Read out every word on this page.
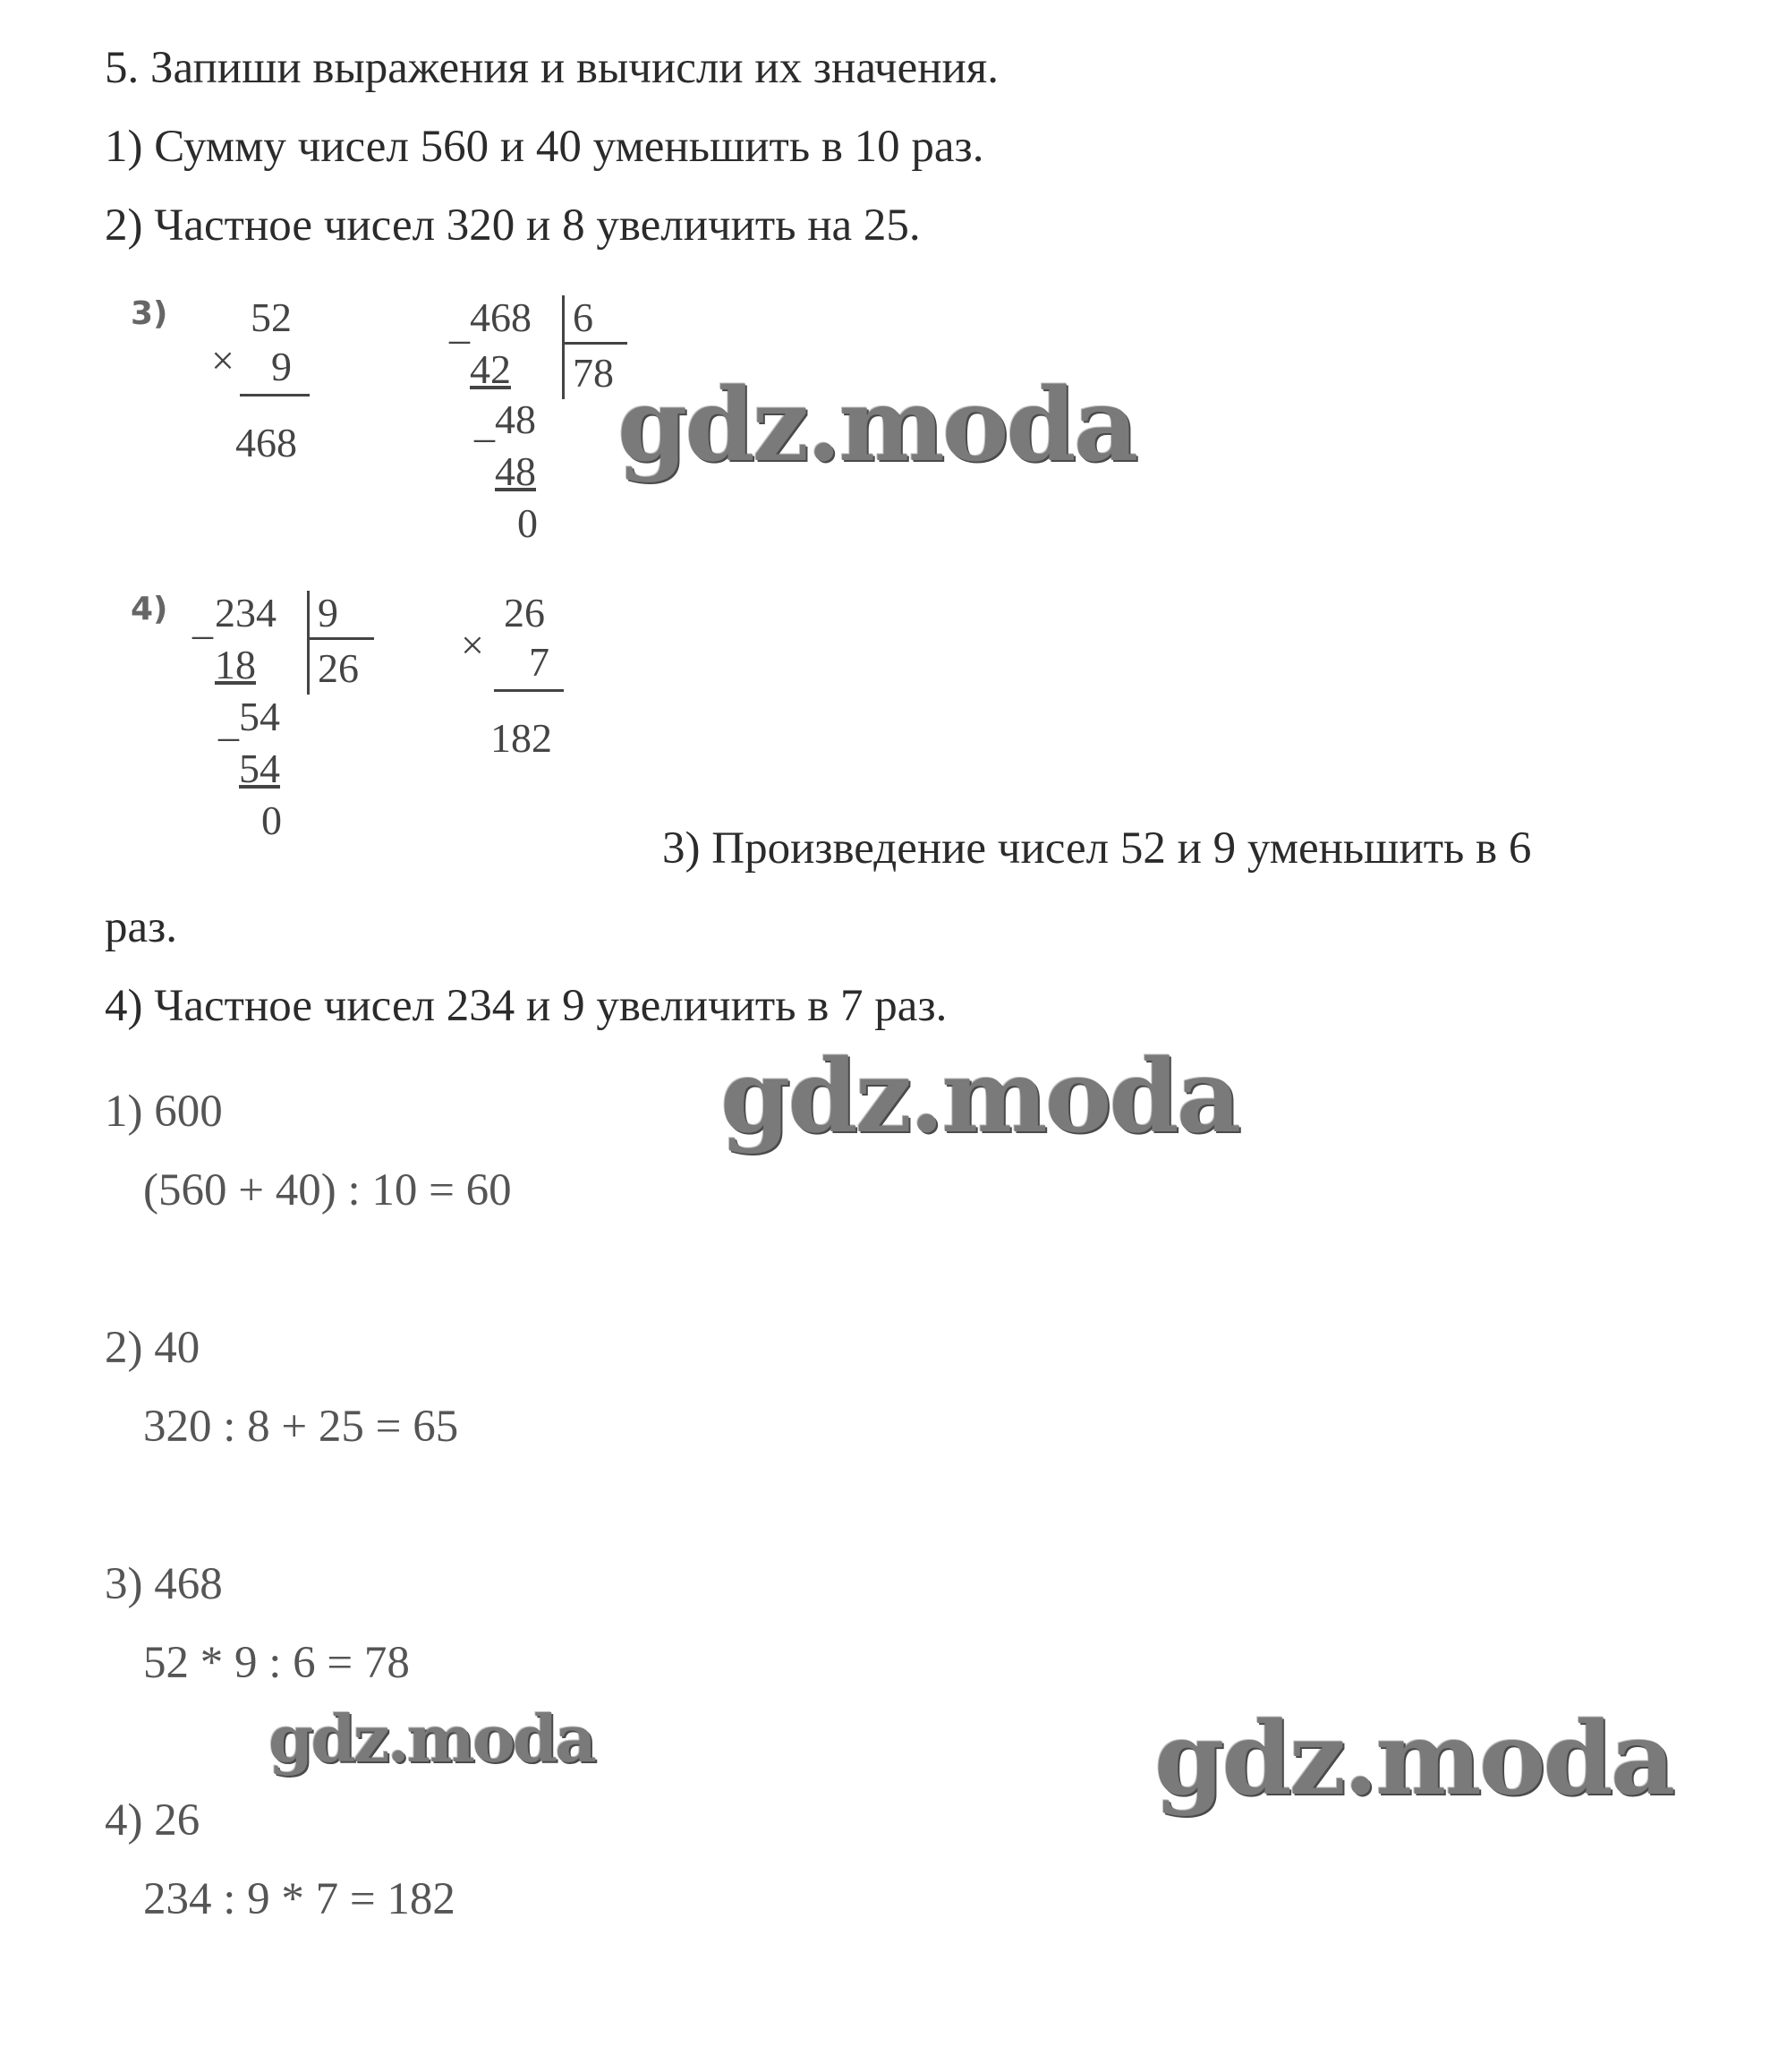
5. Запиши выражения и вычисли их значения.
1) Сумму чисел 560 и 40 уменьшить в 10 раз.
2) Частное чисел 320 и 8 увеличить на 25.
3)
×
52
9
468
_ 468 6
42 78
_ 48
48
0
4) _ 234 9
18 26
_ 54
54
0
×
26
7
182
3) Произведение чисел 52 и 9 уменьшить в 6
раз.
4) Частное чисел 234 и 9 увеличить в 7 раз.
1) 600
(560 + 40) : 10 = 60
2) 40
320 : 8 + 25 = 65
3) 468
52 * 9 : 6 = 78
4) 26
234 : 9 * 7 = 182
gdz.moda
gdz.moda
gdz.moda	gdz.moda
